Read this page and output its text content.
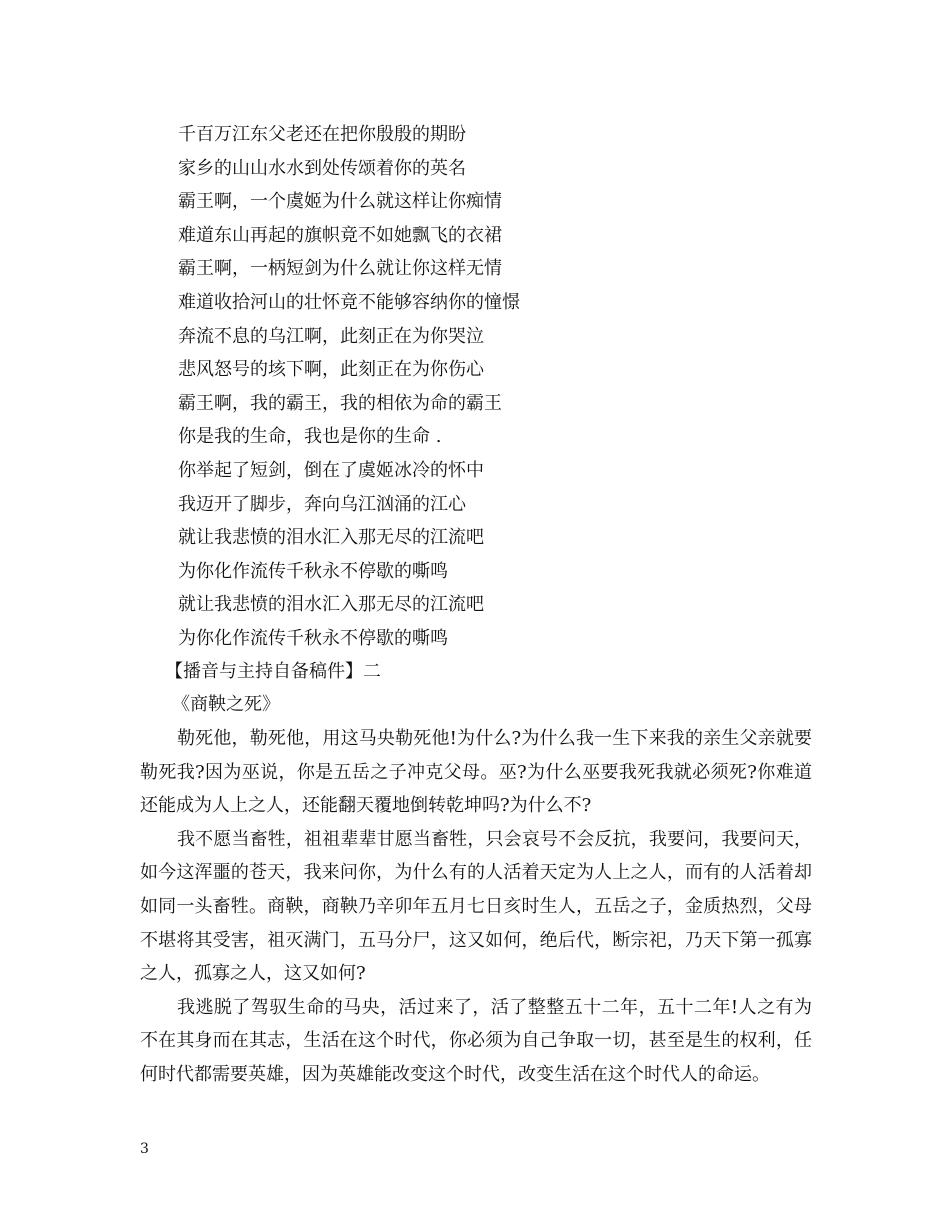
千百万江东父老还在把你殷殷的期盼
家乡的山山水水到处传颂着你的英名
霸王啊，一个虞姬为什么就这样让你痴情
难道东山再起的旗帜竟不如她飘飞的衣裙
霸王啊，一柄短剑为什么就让你这样无情
难道收拾河山的壮怀竟不能够容纳你的憧憬
奔流不息的乌江啊，此刻正在为你哭泣
悲风怒号的垓下啊，此刻正在为你伤心
霸王啊，我的霸王，我的相依为命的霸王
你是我的生命，我也是你的生命 .
你举起了短剑，倒在了虞姬冰冷的怀中
我迈开了脚步，奔向乌江汹涌的江心
就让我悲愤的泪水汇入那无尽的江流吧
为你化作流传千秋永不停歇的嘶鸣
就让我悲愤的泪水汇入那无尽的江流吧
为你化作流传千秋永不停歇的嘶鸣
【播音与主持自备稿件】二
《商鞅之死》

勒死他，勒死他，用这马央勒死他!为什么?为什么我一生下来我的亲生父亲就要勒死我?因为巫说，你是五岳之子冲克父母。巫?为什么巫要我死我就必须死?你难道还能成为人上之人，还能翻天覆地倒转乾坤吗?为什么不?

我不愿当畜牲，祖祖辈辈甘愿当畜牲，只会哀号不会反抗，我要问，我要问天，如今这浑噩的苍天，我来问你，为什么有的人活着天定为人上之人，而有的人活着却如同一头畜牲。商鞅，商鞅乃辛卯年五月七日亥时生人，五岳之子，金质热烈，父母不堪将其受害，祖灭满门，五马分尸，这又如何，绝后代，断宗祀，乃天下第一孤寡之人，孤寡之人，这又如何?

我逃脱了驾驭生命的马央，活过来了，活了整整五十二年，五十二年!人之有为不在其身而在其志，生活在这个时代，你必须为自己争取一切，甚至是生的权利，任何时代都需要英雄，因为英雄能改变这个时代，改变生活在这个时代人的命运。

3
